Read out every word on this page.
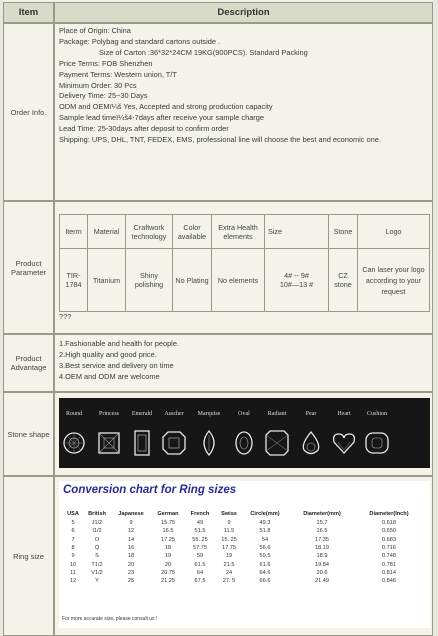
Item	Description
Order Info.	
Place of Origin: China
Package: Polybag and standard cartons outside .
Size of Carton :36*32*24CM 19KG(900PCS). Standard Packing
Price Terms: FOB Shenzhen
Payment Terms: Western union, T/T
Minimum Order: 30 Pcs
Delivery Time: 25~30 Days
ODM and OEMï¼š Yes, Accepted and strong production capacity
Sample lead timeï¼š4-7days after receive your sample charge
Lead Time: 25-30days after deposit to confirm order
Shipping: UPS, DHL, TNT, FEDEX, EMS, professional line will choose the best and economic one.

Product Parameter	
Iterm	Material	Craftwork technology	Color available	Extra Health elements	Size	Stone	Logo
TIR-1784	Titanium	Shiny polishing	No Plating	No elements	4# -- 9#
10#—13 #	CZ stone	Can laser your logo according to your request
???

Product Advantage	
1.Fashionable and health for people.
2.High quality and good price.
3.Best service and delivery on time
4.OEM and ODM are welcome

Stone shape	
Round	Princess	Emerald	Asscher	Marquise	Oval	Radiant	Pear	Heart	Cushion

Ring size	
Conversion chart for Ring sizes
USA	British	Japanese	German	French	Swiss	Circle(mm)	Diameter(mm)	Diameter(Inch)
5	J1/2	9	15.75	49	9	49.3	15.7	0.618
6	I1/2	12	16.5	51.5	11.5	51.8	16.5	0.650
7	O	14	17.25	55. 25	15. 25	54	17.35	0.683
8	Q	16	18	57.75	17.75	56.6	18.19	0.716
9	S	18	19	59	19	59.5	18.9	0.748
10	T1/2	20	20	61.5	21.5	61.6	19.84	0.781
11	V1/2	23	20.75	64	24	64.6	20.6	0.814
12	Y	25	21.25	67.5	27. 5	66.6	21.49	0.846
For more accurate size, please consult us !
